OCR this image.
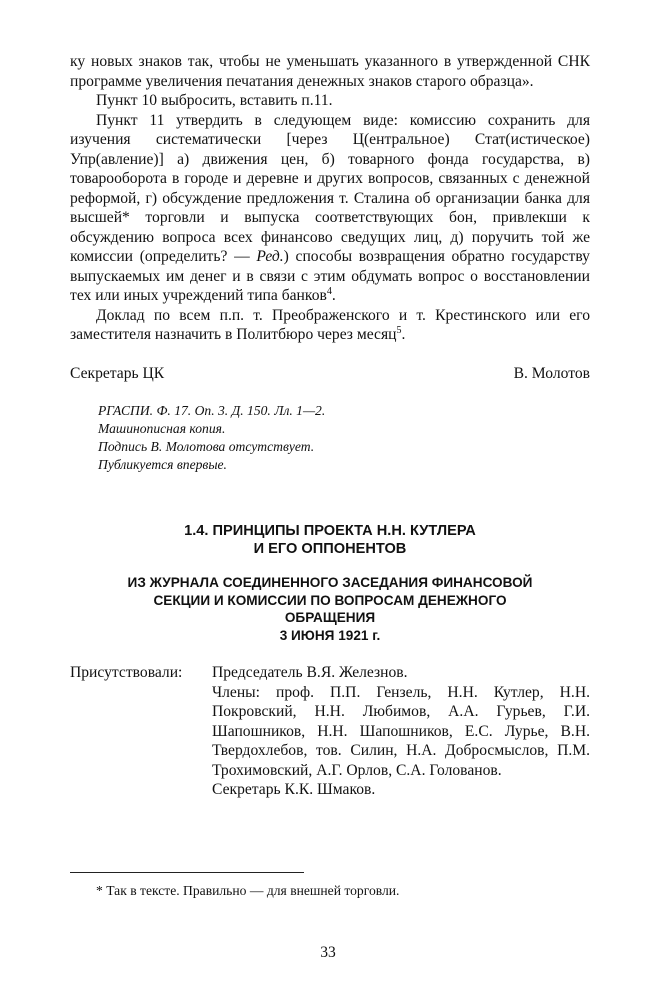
ку новых знаков так, чтобы не уменьшать указанного в утвержденной СНК программе увеличения печатания денежных знаков старого образца».

Пункт 10 выбросить, вставить п.11.

Пункт 11 утвердить в следующем виде: комиссию сохранить для изучения систематически [через Ц(ентральное) Стат(истическое) Упр(авление)] а) движения цен, б) товарного фонда государства, в) товарооборота в городе и деревне и других вопросов, связанных с денежной реформой, г) обсуждение предложения т. Сталина об организации банка для высшей* торговли и выпуска соответствующих бон, привлекши к обсуждению вопроса всех финансово сведущих лиц, д) поручить той же комиссии (определить? — Ред.) способы возвращения обратно государству выпускаемых им денег и в связи с этим обдумать вопрос о восстановлении тех или иных учреждений типа банков$^4$.

Доклад по всем п.п. т. Преображенского и т. Крестинского или его заместителя назначить в Политбюро через месяц$^5$.

Секретарь ЦК	В. Молотов
РГАСПИ. Ф. 17. Оп. 3. Д. 150. Лл. 1—2.
Машинописная копия.
Подпись В. Молотова отсутствует.
Публикуется впервые.
1.4. ПРИНЦИПЫ ПРОЕКТА Н.Н. КУТЛЕРА
И ЕГО ОППОНЕНТОВ
ИЗ ЖУРНАЛА СОЕДИНЕННОГО ЗАСЕДАНИЯ ФИНАНСОВОЙ
СЕКЦИИ И КОМИССИИ ПО ВОПРОСАМ ДЕНЕЖНОГО
ОБРАЩЕНИЯ
3 ИЮНЯ 1921 г.
Присутствовали:	Председатель В.Я. Железнов.
Члены: проф. П.П. Гензель, Н.Н. Кутлер, Н.Н. Покровский, Н.Н. Любимов, А.А. Гурьев, Г.И. Шапошников, Н.Н. Шапошников, Е.С. Лурье, В.Н. Твердохлебов, тов. Силин, Н.А. Добросмыслов, П.М. Трохимовский, А.Г. Орлов, С.А. Голованов.
Секретарь К.К. Шмаков.
* Так в тексте. Правильно — для внешней торговли.
33
